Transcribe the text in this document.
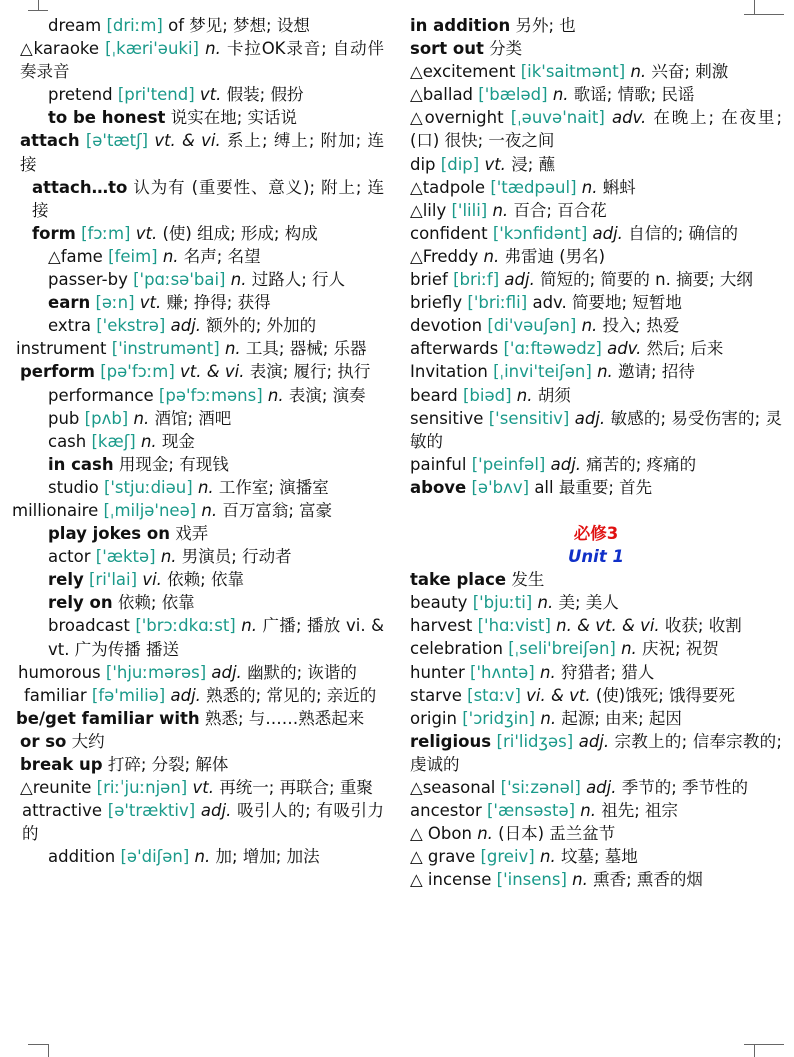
dream [driːm] of 梦见; 梦想; 设想
△karaoke [ˌkæri'əuki] n. 卡拉OK录音; 自动伴奏录音
pretend [pri'tend] vt. 假装; 假扮
to be honest 说实在地; 实话说
attach [ə'tætʃ] vt. & vi. 系上; 缚上; 附加; 连接
attach…to 认为有 (重要性、意义); 附上; 连接
form [fɔːm] vt. (使) 组成; 形成; 构成
△fame [feim] n. 名声; 名望
passer-by ['pɑːsə'bai] n. 过路人; 行人
earn [əːn] vt. 赚; 挣得; 获得
extra ['ekstrə] adj. 额外的; 外加的
instrument ['instrumənt] n. 工具; 器械; 乐器
perform [pə'fɔːm] vt. & vi. 表演; 履行; 执行
performance [pə'fɔːməns] n. 表演; 演奏
pub [pʌb] n. 酒馆; 酒吧
cash [kæʃ] n. 现金
in cash 用现金; 有现钱
studio ['stjuːdiəu] n. 工作室; 演播室
millionaire [ˌmiljə'neə] n. 百万富翁; 富豪
play jokes on 戏弄
actor ['æktə] n. 男演员; 行动者
rely [ri'lai] vi. 依赖; 依靠
rely on 依赖; 依靠
broadcast ['brɔːdkɑːst] n. 广播; 播放 vi. & vt. 广为传播 播送
humorous ['hjuːmərəs] adj. 幽默的; 诙谐的
familiar [fə'miliə] adj. 熟悉的; 常见的; 亲近的
be/get familiar with 熟悉; 与……熟悉起来
or so 大约
break up 打碎; 分裂; 解体
△reunite [riːˈjuːnjən] vt. 再统一; 再联合; 重聚
attractive [ə'træktiv] adj. 吸引人的; 有吸引力的
addition [ə'diʃən] n. 加; 增加; 加法
in addition 另外; 也
sort out 分类
△excitement [ik'saitmənt] n. 兴奋; 刺激
△ballad ['bæləd] n. 歌谣; 情歌; 民谣
△overnight [ˌəuvə'nait] adv. 在晚上; 在夜里; (口) 很快; 一夜之间
dip [dip] vt. 浸; 蘸
△tadpole ['tædpəul] n. 蝌蚪
△lily ['lili] n. 百合; 百合花
confident ['kɔnfidənt] adj. 自信的; 确信的
△Freddy n. 弗雷迪 (男名)
brief [briːf] adj. 简短的; 简要的 n. 摘要; 大纲
briefly ['briːfli] adv. 简要地; 短暂地
devotion [di'vəuʃən] n. 投入; 热爱
afterwards ['ɑːftəwədz] adv. 然后; 后来
Invitation [ˌinvi'teiʃən] n. 邀请; 招待
beard [biəd] n. 胡须
sensitive ['sensitiv] adj. 敏感的; 易受伤害的; 灵敏的
painful ['peinfəl] adj. 痛苦的; 疼痛的
above [ə'bʌv] all 最重要; 首先
必修3
Unit 1
take place 发生
beauty ['bjuːti] n. 美; 美人
harvest ['hɑːvist] n. & vt. & vi. 收获; 收割
celebration [ˌseli'breiʃən] n. 庆祝; 祝贺
hunter ['hʌntə] n. 狩猎者; 猎人
starve [stɑːv] vi. & vt. (使)饿死; 饿得要死
origin ['ɔridʒin] n. 起源; 由来; 起因
religious [ri'lidʒəs] adj. 宗教上的; 信奉宗教的; 虔诚的
△seasonal ['siːzənəl] adj. 季节的; 季节性的
ancestor ['ænsəstə] n. 祖先; 祖宗
△ Obon n. (日本) 盂兰盆节
△ grave [greiv] n. 坟墓; 墓地
△ incense ['insens] n. 熏香; 熏香的烟
